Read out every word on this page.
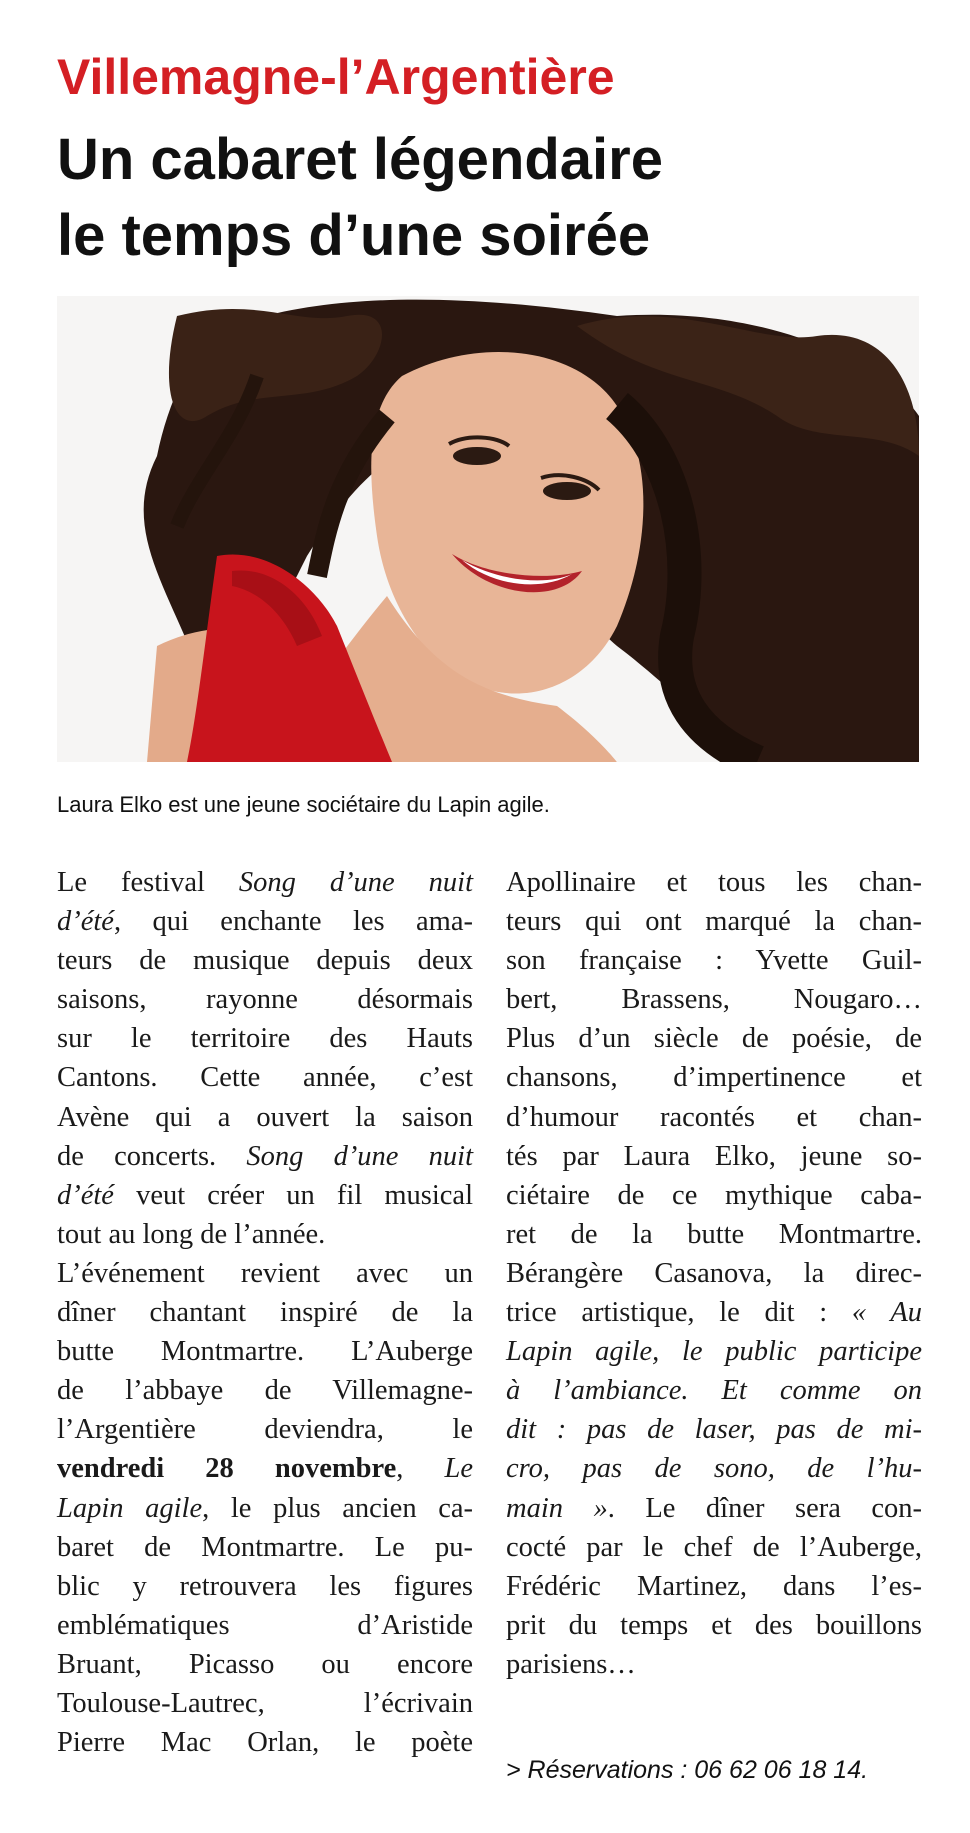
Villemagne-l’Argentière
Un cabaret légendaire
le temps d’une soirée
Laura Elko est une jeune sociétaire du Lapin agile.
Le festival Song d’une nuit
d’été, qui enchante les ama-
teurs de musique depuis deux
saisons, rayonne désormais
sur le territoire des Hauts
Cantons. Cette année, c’est
Avène qui a ouvert la saison
de concerts. Song d’une nuit
d’été veut créer un fil musical
tout au long de l’année.
L’événement revient avec un
dîner chantant inspiré de la
butte Montmartre. L’Auberge
de l’abbaye de Villemagne-
l’Argentière deviendra, le
vendredi 28 novembre, Le
Lapin agile, le plus ancien ca-
baret de Montmartre. Le pu-
blic y retrouvera les figures
emblématiques d’Aristide
Bruant, Picasso ou encore
Toulouse-Lautrec, l’écrivain
Pierre Mac Orlan, le poète
Apollinaire et tous les chan-
teurs qui ont marqué la chan-
son française : Yvette Guil-
bert, Brassens, Nougaro…
Plus d’un siècle de poésie, de
chansons, d’impertinence et
d’humour racontés et chan-
tés par Laura Elko, jeune so-
ciétaire de ce mythique caba-
ret de la butte Montmartre.
Bérangère Casanova, la direc-
trice artistique, le dit : « Au
Lapin agile, le public participe
à l’ambiance. Et comme on
dit : pas de laser, pas de mi-
cro, pas de sono, de l’hu-
main ». Le dîner sera con-
cocté par le chef de l’Auberge,
Frédéric Martinez, dans l’es-
prit du temps et des bouillons
parisiens…
> Réservations : 06 62 06 18 14.
